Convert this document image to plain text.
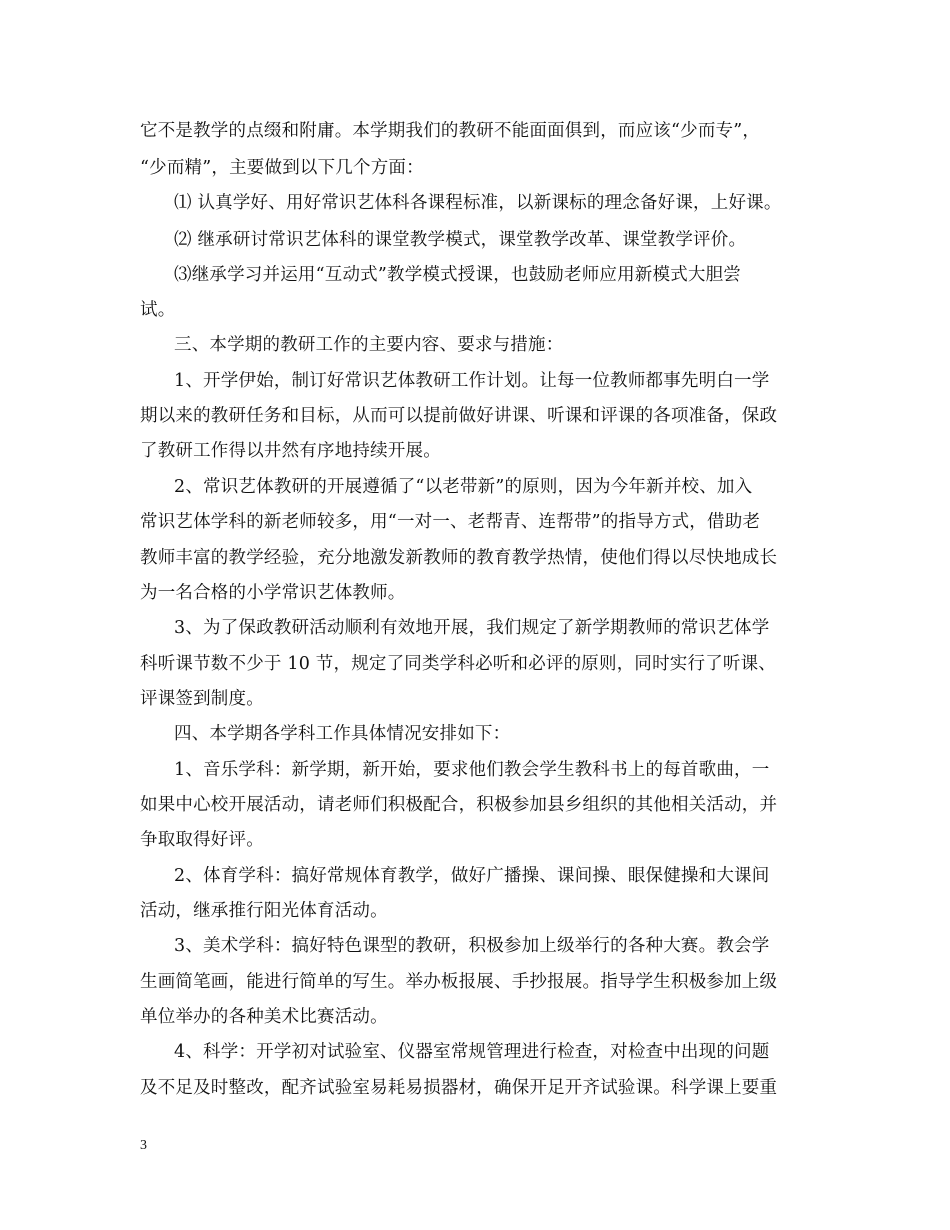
它不是教学的点缀和附庸。本学期我们的教研不能面面俱到，而应该“少而专”，
“少而精”，主要做到以下几个方面：
⑴ 认真学好、用好常识艺体科各课程标准，以新课标的理念备好课，上好课。
⑵ 继承研讨常识艺体科的课堂教学模式，课堂教学改革、课堂教学评价。
⑶继承学习并运用“互动式”教学模式授课，也鼓励老师应用新模式大胆尝
试。
三、本学期的教研工作的主要内容、要求与措施：
1、开学伊始，制订好常识艺体教研工作计划。让每一位教师都事先明白一学
期以来的教研任务和目标，从而可以提前做好讲课、听课和评课的各项准备，保政
了教研工作得以井然有序地持续开展。
2、常识艺体教研的开展遵循了“以老带新”的原则，因为今年新并校、加入
常识艺体学科的新老师较多，用“一对一、老帮青、连帮带”的指导方式，借助老
教师丰富的教学经验，充分地激发新教师的教育教学热情，使他们得以尽快地成长
为一名合格的小学常识艺体教师。
3、为了保政教研活动顺利有效地开展，我们规定了新学期教师的常识艺体学
科听课节数不少于 10 节，规定了同类学科必听和必评的原则，同时实行了听课、
评课签到制度。
四、本学期各学科工作具体情况安排如下：
1、音乐学科：新学期，新开始，要求他们教会学生教科书上的每首歌曲，一
如果中心校开展活动，请老师们积极配合，积极参加县乡组织的其他相关活动，并
争取取得好评。
2、体育学科：搞好常规体育教学，做好广播操、课间操、眼保健操和大课间
活动，继承推行阳光体育活动。
3、美术学科：搞好特色课型的教研，积极参加上级举行的各种大赛。教会学
生画简笔画，能进行简单的写生。举办板报展、手抄报展。指导学生积极参加上级
单位举办的各种美术比赛活动。
4、科学：开学初对试验室、仪器室常规管理进行检查，对检查中出现的问题
及不足及时整改，配齐试验室易耗易损器材，确保开足开齐试验课。科学课上要重
3
